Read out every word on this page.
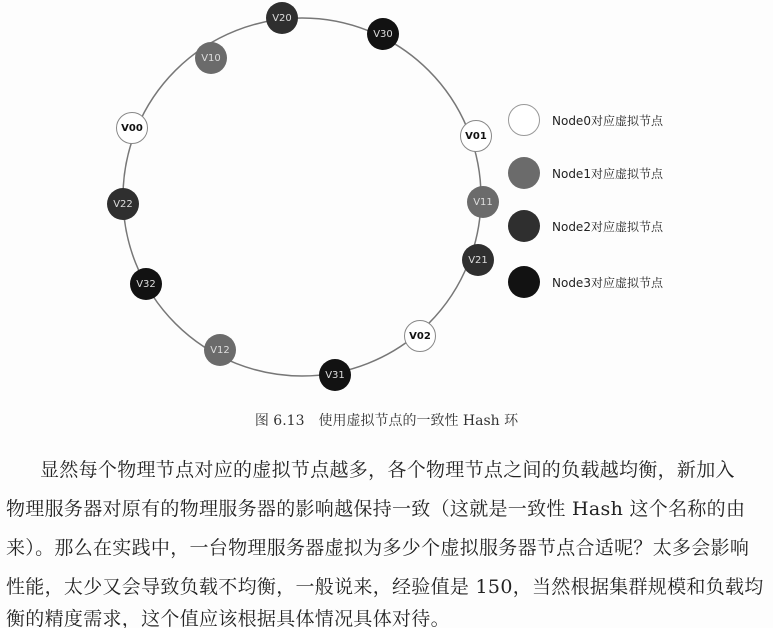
V20
V30
V10
V00
V01
V22	V11
V21
V32
V02
V12
V31
Node0对应虚拟节点
Node1对应虚拟节点
Node2对应虚拟节点
Node3对应虚拟节点
图 6.13　使用虚拟节点的一致性 Hash 环
显然每个物理节点对应的虚拟节点越多，各个物理节点之间的负载越均衡，新加入
物理服务器对原有的物理服务器的影响越保持一致（这就是一致性 Hash 这个名称的由
来）。那么在实践中，一台物理服务器虚拟为多少个虚拟服务器节点合适呢？太多会影响
性能，太少又会导致负载不均衡，一般说来，经验值是 150，当然根据集群规模和负载均
衡的精度需求，这个值应该根据具体情况具体对待。
